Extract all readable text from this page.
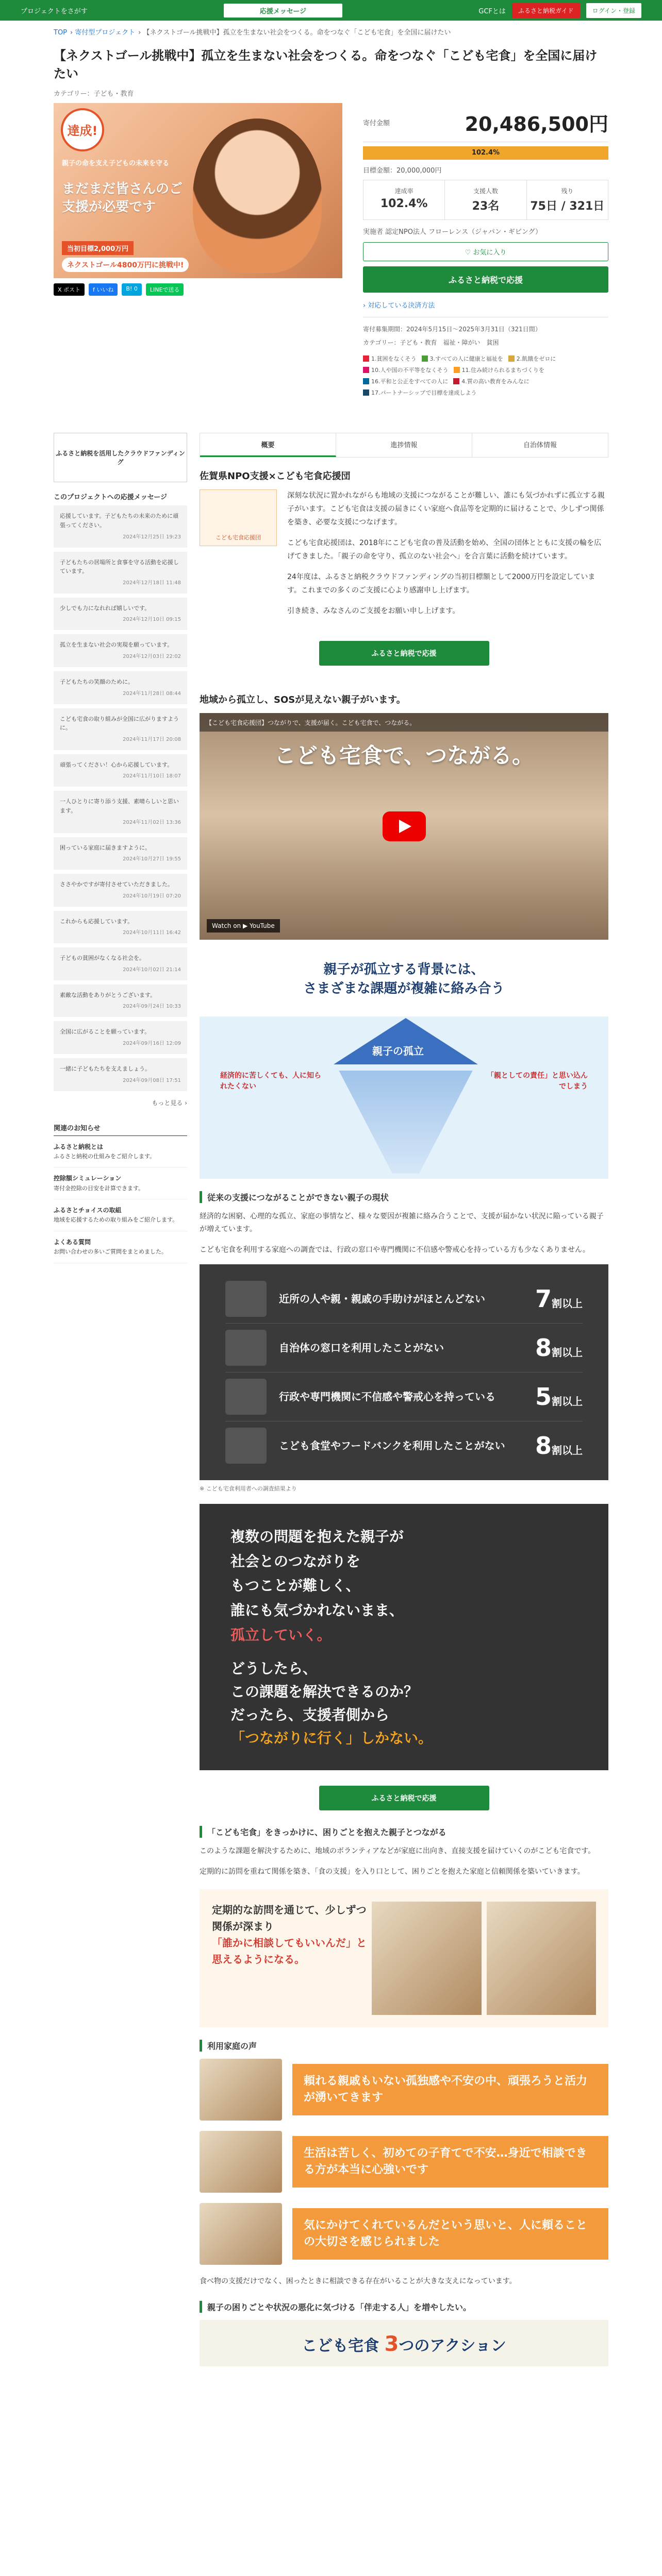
プロジェクトをさがす	応援メッセージ	GCFとは	ふるさと納税ガイド	ログイン・登録
TOP › 寄付型プロジェクト › 【ネクストゴール挑戦中】孤立を生まない社会をつくる。命をつなぐ「こども宅食」を全国に届けたい
【ネクストゴール挑戦中】孤立を生まない社会をつくる。命をつなぐ「こども宅食」を全国に届けたい
カテゴリー：子ども・教育
達成!
親子の命を支え子どもの未来を守る
まだまだ皆さんのご支援が必要です
当初目標2,000万円
ネクストゴール4800万円に挑戦中!
X ポスト	f いいね	B! 0	LINEで送る
寄付金額	20,486,500円
102.4%
目標金額：20,000,000円
達成率
102.4%
支援人数
23名
残り
75日 / 321日
実施者 認定NPO法人 フローレンス（ジャパン・ギビング）
♡ お気に入り
ふるさと納税で応援
› 対応している決済方法
寄付募集期間：2024年5月15日〜2025年3月31日（321日間）
カテゴリー：子ども・教育　福祉・障がい　貧困
1.貧困をなくそう 3.すべての人に健康と福祉を 2.飢餓をゼロに
10.人や国の不平等をなくそう 11.住み続けられるまちづくりを
16.平和と公正をすべての人に 4.質の高い教育をみんなに
17.パートナーシップで目標を達成しよう
ふるさと納税を活用したクラウドファンディング
このプロジェクトへの応援メッセージ
応援しています。子どもたちの未来のために頑張ってください。
2024年12月25日 19:23
子どもたちの居場所と食事を守る活動を応援しています。
2024年12月18日 11:48
少しでも力になれれば嬉しいです。
2024年12月10日 09:15
孤立を生まない社会の実現を願っています。
2024年12月03日 22:02
子どもたちの笑顔のために。
2024年11月28日 08:44
こども宅食の取り組みが全国に広がりますように。
2024年11月17日 20:08
頑張ってください！心から応援しています。
2024年11月10日 18:07
一人ひとりに寄り添う支援、素晴らしいと思います。
2024年11月02日 13:36
困っている家庭に届きますように。
2024年10月27日 19:55
ささやかですが寄付させていただきました。
2024年10月19日 07:20
これからも応援しています。
2024年10月11日 16:42
子どもの貧困がなくなる社会を。
2024年10月02日 21:14
素敵な活動をありがとうございます。
2024年09月24日 10:33
全国に広がることを願っています。
2024年09月16日 12:09
一緒に子どもたちを支えましょう。
2024年09月08日 17:51
もっと見る ›
関連のお知らせ
ふるさと納税とは
ふるさと納税の仕組みをご紹介します。
控除額シミュレーション
寄付金控除の目安を計算できます。
ふるさとチョイスの取組
地域を応援するための取り組みをご紹介します。
よくある質問
お問い合わせの多いご質問をまとめました。
概要	進捗情報	自治体情報
佐賀県NPO支援×こども宅食応援団
こども宅食応援団

深刻な状況に置かれながらも地域の支援につながることが難しい、誰にも気づかれずに孤立する親子がいます。こども宅食は支援の届きにくい家庭へ食品等を定期的に届けることで、少しずつ関係を築き、必要な支援につなげます。

こども宅食応援団は、2018年にこども宅食の普及活動を始め、全国の団体とともに支援の輪を広げてきました。「親子の命を守り、孤立のない社会へ」を合言葉に活動を続けています。

24年度は、ふるさと納税クラウドファンディングの当初目標額として2000万円を設定しています。これまでの多くのご支援に心より感謝申し上げます。

引き続き、みなさんのご支援をお願い申し上げます。

ふるさと納税で応援
地域から孤立し、SOSが見えない親子がいます。
【こども宅食応援団】つながりで、支援が届く。こども宅食で、つながる。
こども宅食で、つながる。
Watch on ▶ YouTube
親子が孤立する背景には、
さまざまな課題が複雑に絡み合う
親子の孤立
経済的に苦しくても、人に知られたくない
「親としての責任」と思い込んでしまう
従来の支援につながることができない親子の現状

経済的な困窮、心理的な孤立、家庭の事情など、様々な要因が複雑に絡み合うことで、支援が届かない状況に陥っている親子が増えています。

こども宅食を利用する家庭への調査では、行政の窓口や専門機関に不信感や警戒心を持っている方も少なくありません。

近所の人や親・親戚の手助けがほとんどない	7割以上
自治体の窓口を利用したことがない	8割以上
行政や専門機関に不信感や警戒心を持っている	5割以上
こども食堂やフードバンクを利用したことがない	8割以上
※ こども宅食利用者への調査結果より
複数の問題を抱えた親子が
社会とのつながりを
もつことが難しく、
誰にも気づかれないまま、
孤立していく。
どうしたら、
この課題を解決できるのか？
だったら、支援者側から
「つながりに行く」しかない。
ふるさと納税で応援
「こども宅食」をきっかけに、困りごとを抱えた親子とつながる

このような課題を解決するために、地域のボランティアなどが家庭に出向き、直接支援を届けていくのがこども宅食です。

定期的に訪問を重ねて関係を築き、「食の支援」を入り口として、困りごとを抱えた家庭と信頼関係を築いていきます。

定期的な訪問を通じて、少しずつ関係が深まり
「誰かに相談してもいいんだ」と思えるようになる。
利用家庭の声
頼れる親戚もいない孤独感や不安の中、頑張ろうと活力が湧いてきます
生活は苦しく、初めての子育てで不安…身近で相談できる方が本当に心強いです
気にかけてくれているんだという思いと、人に頼ることの大切さを感じられました

食べ物の支援だけでなく、困ったときに相談できる存在がいることが大きな支えになっています。

親子の困りごとや状況の悪化に気づける「伴走する人」を増やしたい。
こども宅食 3つのアクション
